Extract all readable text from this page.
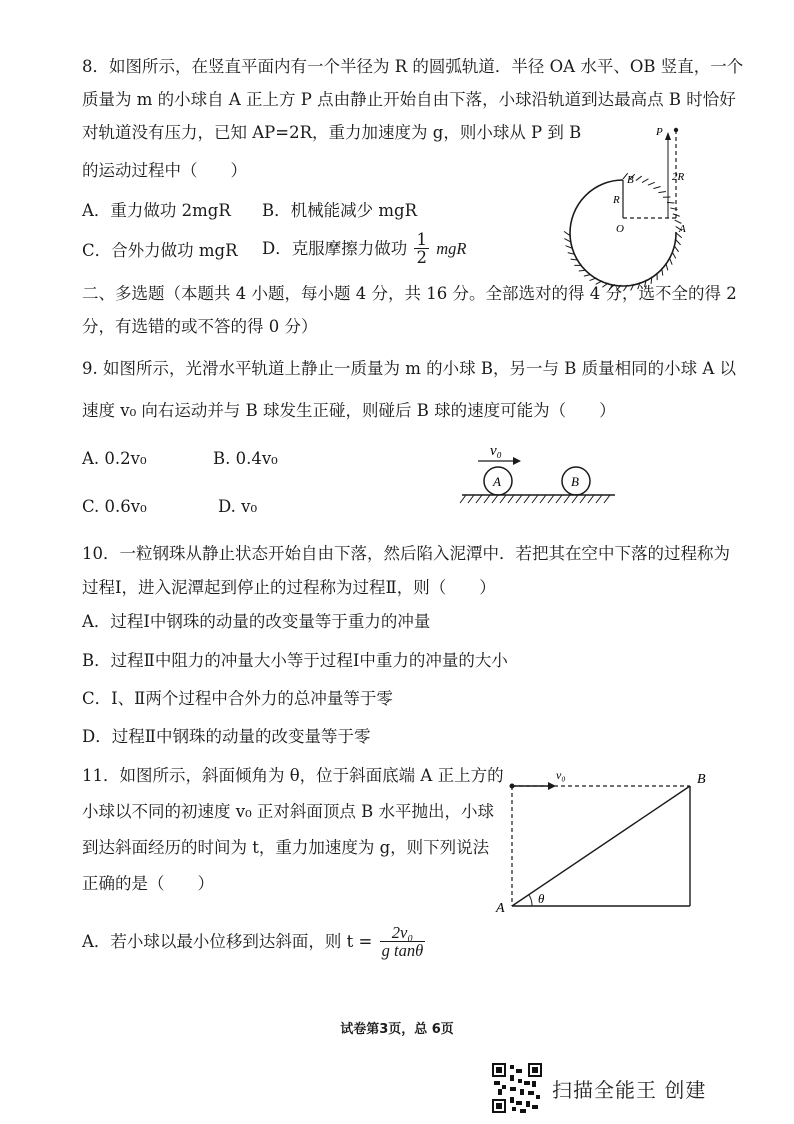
8．如图所示，在竖直平面内有一个半径为 R 的圆弧轨道．半径 OA 水平、OB 竖直，一个
质量为 m 的小球自 A 正上方 P 点由静止开始自由下落，小球沿轨道到达最高点 B 时恰好
对轨道没有压力，已知 AP=2R，重力加速度为 g，则小球从 P 到 B
的运动过程中（　　）
A．重力做功 2mgR B．机械能减少 mgR
C．合外力做功 mgR D．克服摩擦力做功 $\frac{1}{2}$ mgR
P
B
R
2R
O	A
二、多选题（本题共 4 小题，每小题 4 分，共 16 分。全部选对的得 4 分，选不全的得 2
分，有选错的或不答的得 0 分）
9. 如图所示，光滑水平轨道上静止一质量为 m 的小球 B，另一与 B 质量相同的小球 A 以
速度 v₀ 向右运动并与 B 球发生正碰，则碰后 B 球的速度可能为（　　）
A. 0.2v₀	B. 0.4v₀
C. 0.6v₀	D. v₀
v₀
A	B
10．一粒钢珠从静止状态开始自由下落，然后陷入泥潭中．若把其在空中下落的过程称为
过程Ⅰ，进入泥潭起到停止的过程称为过程Ⅱ，则（　　）
A．过程Ⅰ中钢珠的动量的改变量等于重力的冲量
B．过程Ⅱ中阻力的冲量大小等于过程Ⅰ中重力的冲量的大小
C．Ⅰ、Ⅱ两个过程中合外力的总冲量等于零
D．过程Ⅱ中钢珠的动量的改变量等于零
11．如图所示，斜面倾角为 θ，位于斜面底端 A 正上方的
小球以不同的初速度 v₀ 正对斜面顶点 B 水平抛出，小球
到达斜面经历的时间为 t，重力加速度为 g，则下列说法
正确的是（　　）
A．若小球以最小位移到达斜面，则 $t = \frac{\text{2v₀}}{\text{g tanθ}}$
v₀
θ
A
B
试卷第3页，总 6页
扫描全能王 创建
